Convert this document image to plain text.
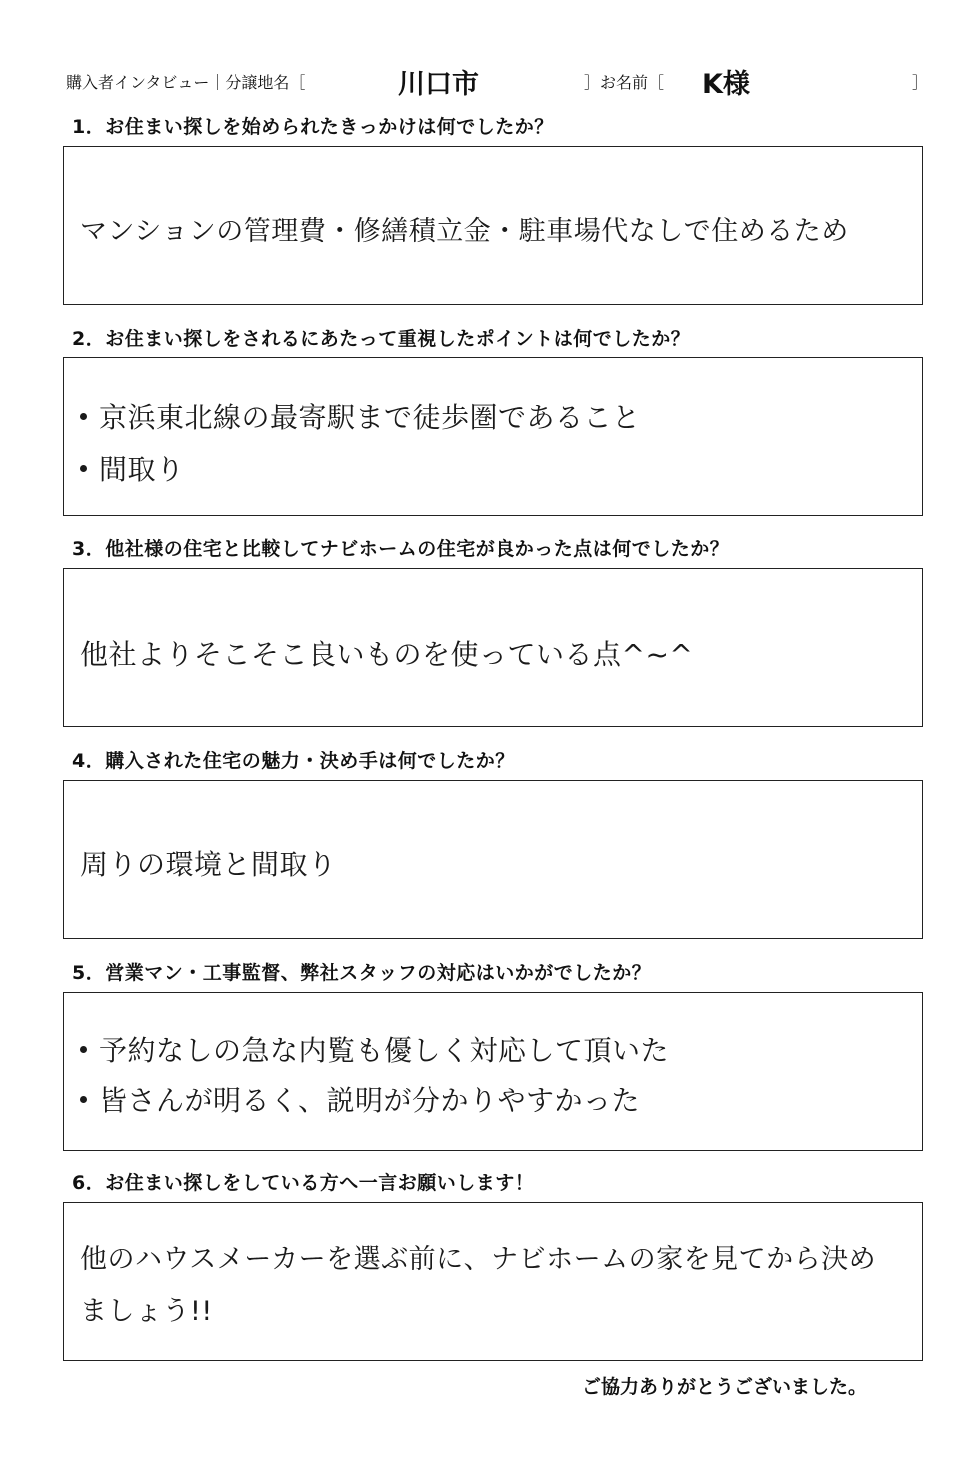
購入者インタビュー｜分譲地名［	川口市	］お名前［ K様	］
1．お住まい探しを始められたきっかけは何でしたか？
マンションの管理費・修繕積立金・駐車場代なしで住めるため
2．お住まい探しをされるにあたって重視したポイントは何でしたか？
京浜東北線の最寄駅まで徒歩圏であること
間取り
3．他社様の住宅と比較してナビホームの住宅が良かった点は何でしたか？
他社よりそこそこ良いものを使っている点^~^
4．購入された住宅の魅力・決め手は何でしたか？
周りの環境と間取り
5．営業マン・工事監督、弊社スタッフの対応はいかがでしたか？
予約なしの急な内覧も優しく対応して頂いた
皆さんが明るく、説明が分かりやすかった
6．お住まい探しをしている方へ一言お願いします！
他のハウスメーカーを選ぶ前に、ナビホームの家を見てから決め
ましょう!!
ご協力ありがとうございました。
